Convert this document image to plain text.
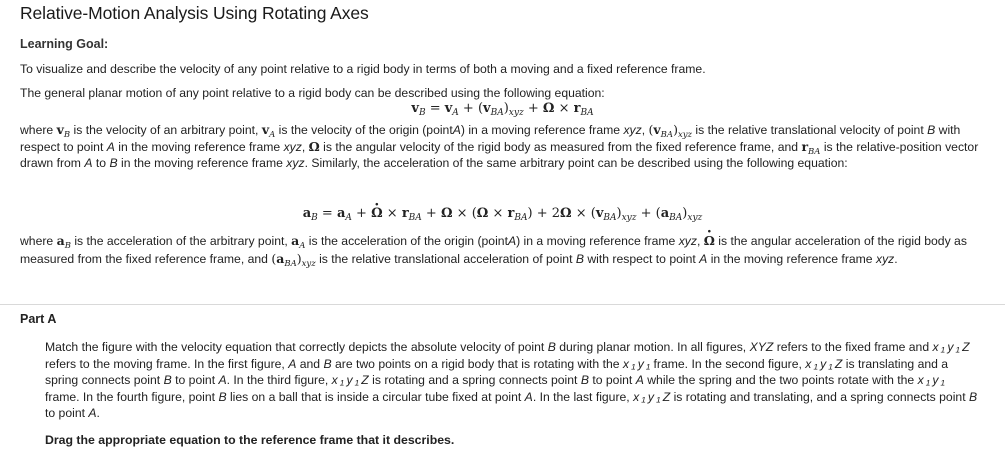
Relative-Motion Analysis Using Rotating Axes
Learning Goal:
To visualize and describe the velocity of any point relative to a rigid body in terms of both a moving and a fixed reference frame.
The general planar motion of any point relative to a rigid body can be described using the following equation:
$v_B = v_A + (v_{BA})_{xyz} + \Omega \times r_{BA}$
where $v_B$ is the velocity of an arbitrary point, $v_A$ is the velocity of the origin (pointA) in a moving reference frame xyz, $(v_{BA})_{xyz}$ is the relative translational velocity of point B with respect to point A in the moving reference frame xyz, Ω is the angular velocity of the rigid body as measured from the fixed reference frame, and $r_{BA}$ is the relative-position vector drawn from A to B in the moving reference frame xyz. Similarly, the acceleration of the same arbitrary point can be described using the following equation:
$a_B = a_A$ + · $\Omega \times r_{BA} + \Omega \times (\Omega \times r_{BA}) + 2\Omega \times (v_{BA})_{xyz} + (a_{BA})_{xyz}$
where $a_B$ is the acceleration of the arbitrary point, $a_A$ is the acceleration of the origin (pointA) in a moving reference frame xyz, · Ω is the angular acceleration of the rigid body as measured from the fixed reference frame, and $(a_{BA})_{xyz}$ is the relative translational acceleration of point B with respect to point A in the moving reference frame xyz.
Part A
Match the figure with the velocity equation that correctly depicts the absolute velocity of point B during planar motion. In all figures, XYZ refers to the fixed frame and x ₁ y ₁ Z refers to the moving frame. In the first figure, A and B are two points on a rigid body that is rotating with the x ₁ y ₁ frame. In the second figure, x ₁ y ₁ Z is translating and a spring connects point B to point A. In the third figure, x ₁ y ₁ Z is rotating and a spring connects point B to point A while the spring and the two points rotate with the x ₁ y ₁ frame. In the fourth figure, point B lies on a ball that is inside a circular tube fixed at point A. In the last figure, x ₁ y ₁ Z is rotating and translating, and a spring connects point B to point A.
Drag the appropriate equation to the reference frame that it describes.
